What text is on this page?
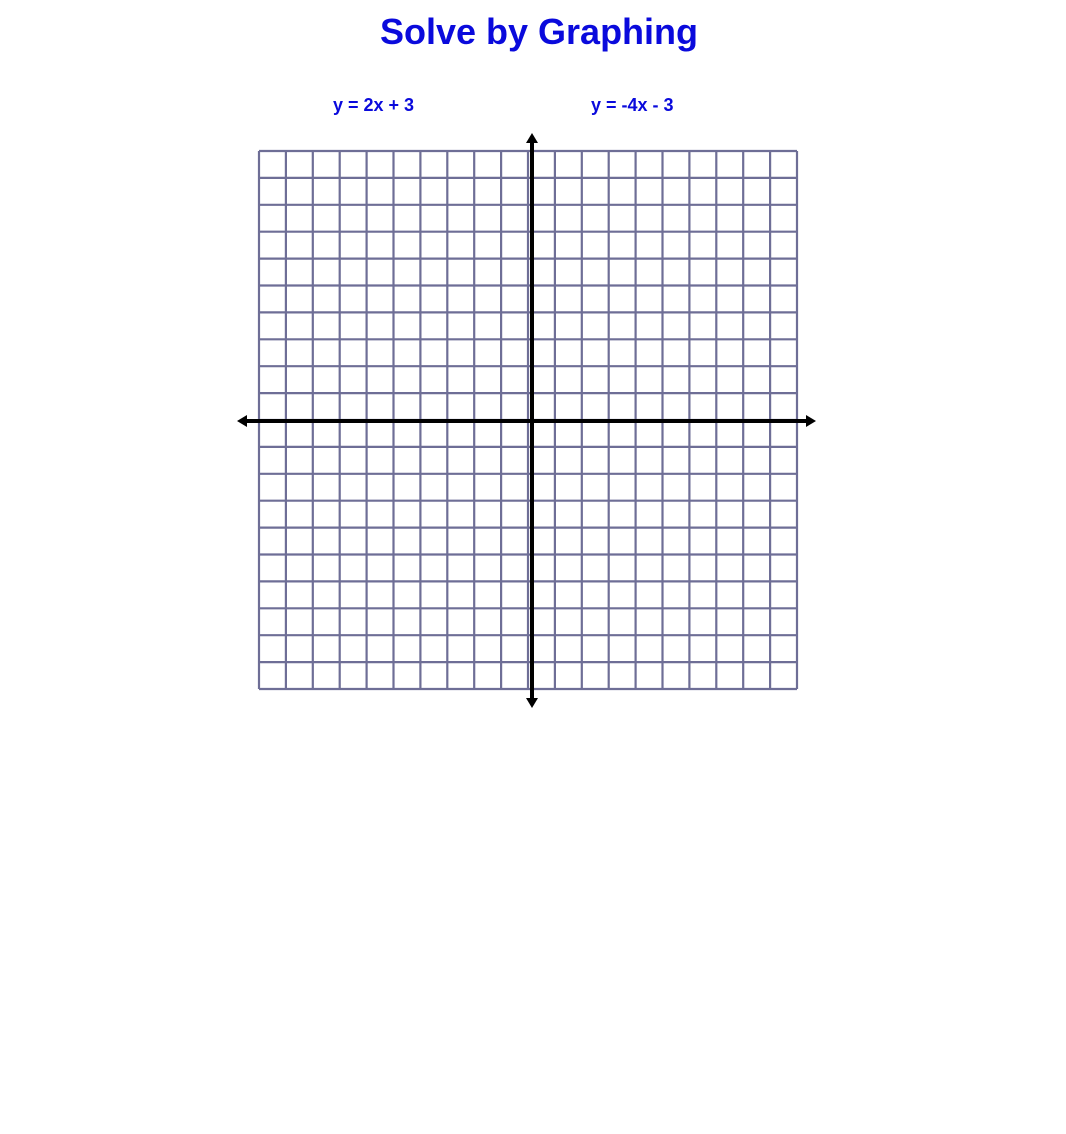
Solve by Graphing
y = 2x + 3	y = -4x - 3
